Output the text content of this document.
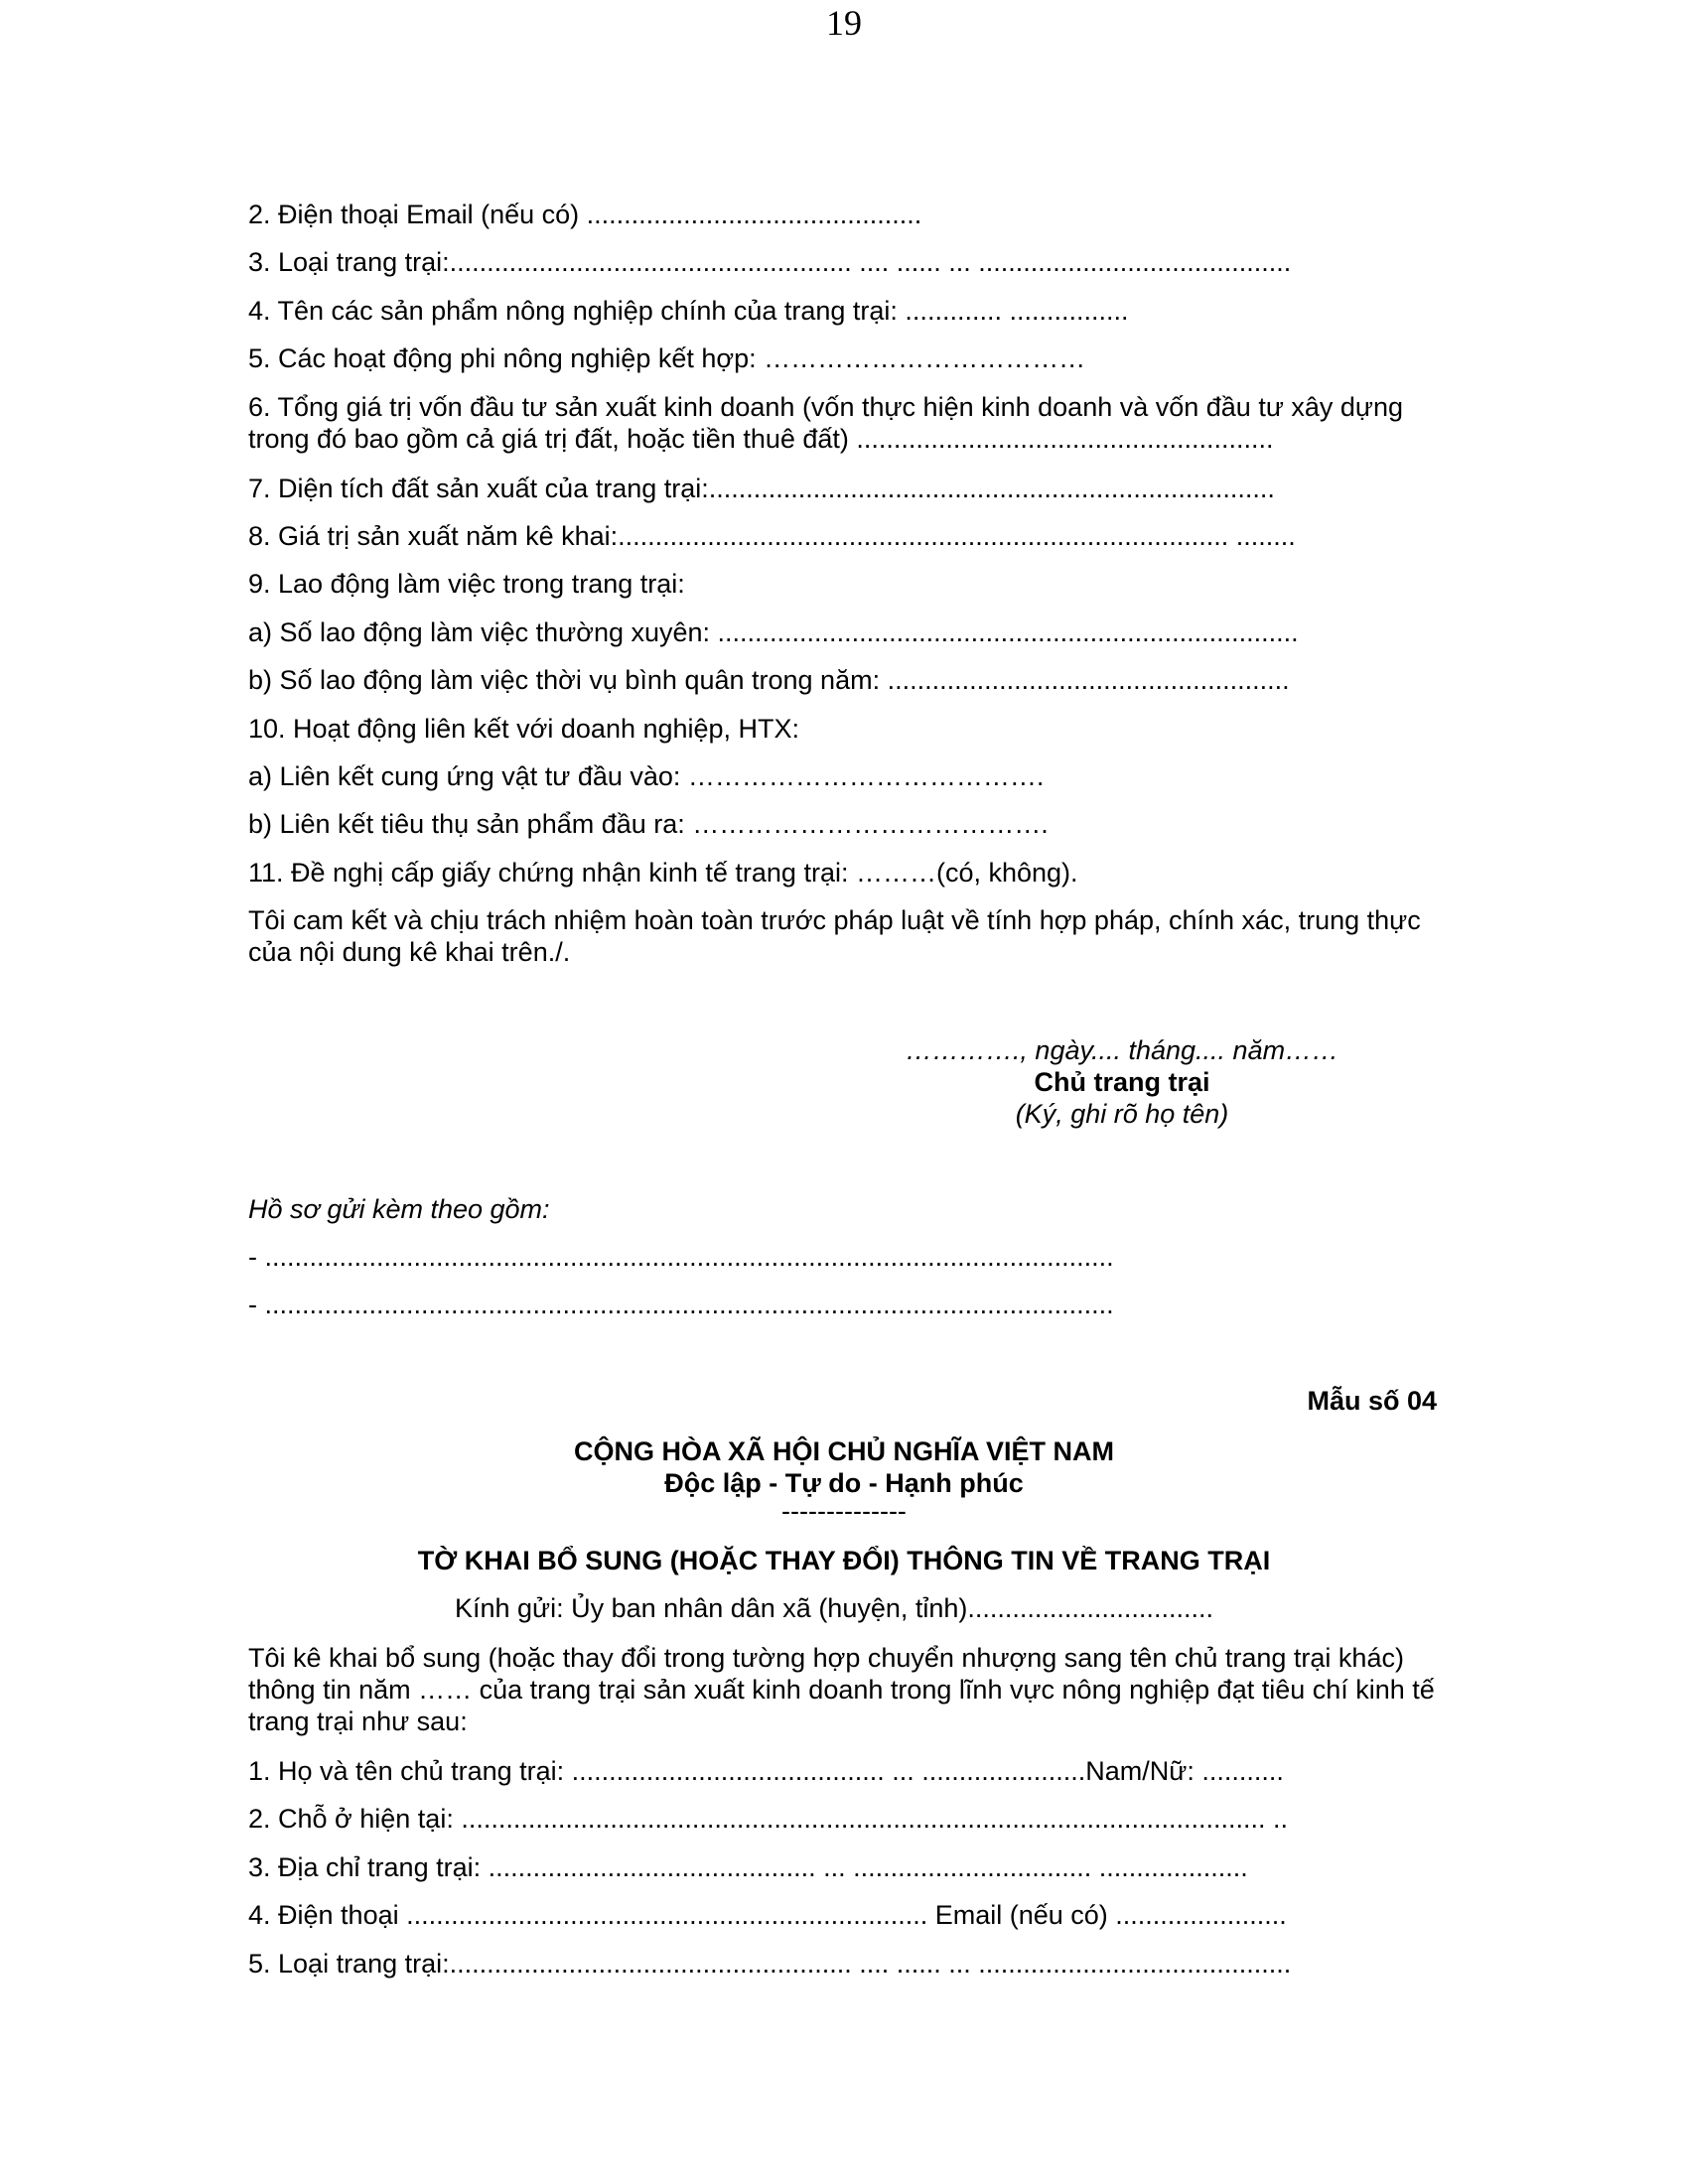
19
2. Điện thoại Email (nếu có) .............................................
3. Loại trang trại:...................................................... .... ...... ... ..........................................
4. Tên các sản phẩm nông nghiệp chính của trang trại: ............. ................
5. Các hoạt động phi nông nghiệp kết hợp: ………………………………
6. Tổng giá trị vốn đầu tư sản xuất kinh doanh (vốn thực hiện kinh doanh và vốn đầu tư xây dựng trong đó bao gồm cả giá trị đất, hoặc tiền thuê đất) ........................................................
7. Diện tích đất sản xuất của trang trại:............................................................................
8. Giá trị sản xuất năm kê khai:.................................................................................. ........
9. Lao động làm việc trong trang trại:
a) Số lao động làm việc thường xuyên: ..............................................................................
b) Số lao động làm việc thời vụ bình quân trong năm: ......................................................
10. Hoạt động liên kết với doanh nghiệp, HTX:
a) Liên kết cung ứng vật tư đầu vào: ………………………………….
b) Liên kết tiêu thụ sản phẩm đầu ra: ………………………………….
11. Đề nghị cấp giấy chứng nhận kinh tế trang trại: ………(có, không).
Tôi cam kết và chịu trách nhiệm hoàn toàn trước pháp luật về tính hợp pháp, chính xác, trung thực của nội dung kê khai trên./.
…………., ngày.... tháng.... năm……
Chủ trang trại
(Ký, ghi rõ họ tên)
Hồ sơ gửi kèm theo gồm:
- ..................................................................................................................
- ..................................................................................................................
Mẫu số 04
CỘNG HÒA XÃ HỘI CHỦ NGHĨA VIỆT NAM
Độc lập - Tự do - Hạnh phúc
--------------
TỜ KHAI BỔ SUNG (HOẶC THAY ĐỔI) THÔNG TIN VỀ TRANG TRẠI
Kính gửi: Ủy ban nhân dân xã (huyện, tỉnh).................................
Tôi kê khai bổ sung (hoặc thay đổi trong tường hợp chuyển nhượng sang tên chủ trang trại khác) thông tin năm …… của trang trại sản xuất kinh doanh trong lĩnh vực nông nghiệp đạt tiêu chí kinh tế trang trại như sau:
1. Họ và tên chủ trang trại: .......................................... ... ......................Nam/Nữ: ...........
2. Chỗ ở hiện tại: ............................................................................................................ ..
3. Địa chỉ trang trại: ............................................ ... ................................ ....................
4. Điện thoại ...................................................................... Email (nếu có) .......................
5. Loại trang trại:...................................................... .... ...... ... ..........................................
